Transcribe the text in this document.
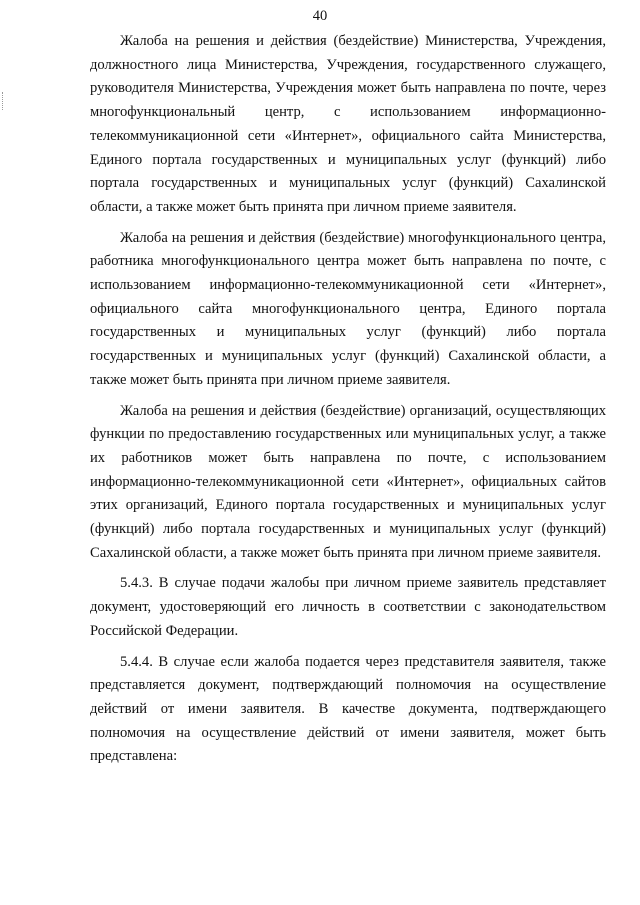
40

Жалоба на решения и действия (бездействие) Министерства, Учреждения, должностного лица Министерства, Учреждения, государственного служащего, руководителя Министерства, Учреждения может быть направлена по почте, через многофункциональный центр, с использованием информационно-телекоммуникационной сети «Интернет», официального сайта Министерства, Единого портала государственных и муниципальных услуг (функций) либо портала государственных и муниципальных услуг (функций) Сахалинской области, а также может быть принята при личном приеме заявителя.

Жалоба на решения и действия (бездействие) многофункционального центра, работника многофункционального центра может быть направлена по почте, с использованием информационно-телекоммуникационной сети «Интернет», официального сайта многофункционального центра, Единого портала государственных и муниципальных услуг (функций) либо портала государственных и муниципальных услуг (функций) Сахалинской области, а также может быть принята при личном приеме заявителя.

Жалоба на решения и действия (бездействие) организаций, осуществляющих функции по предоставлению государственных или муниципальных услуг, а также их работников может быть направлена по почте, с использованием информационно-телекоммуникационной сети «Интернет», официальных сайтов этих организаций, Единого портала государственных и муниципальных услуг (функций) либо портала государственных и муниципальных услуг (функций) Сахалинской области, а также может быть принята при личном приеме заявителя.

5.4.3. В случае подачи жалобы при личном приеме заявитель представляет документ, удостоверяющий его личность в соответствии с законодательством Российской Федерации.

5.4.4. В случае если жалоба подается через представителя заявителя, также представляется документ, подтверждающий полномочия на осуществление действий от имени заявителя. В качестве документа, подтверждающего полномочия на осуществление действий от имени заявителя, может быть представлена:
